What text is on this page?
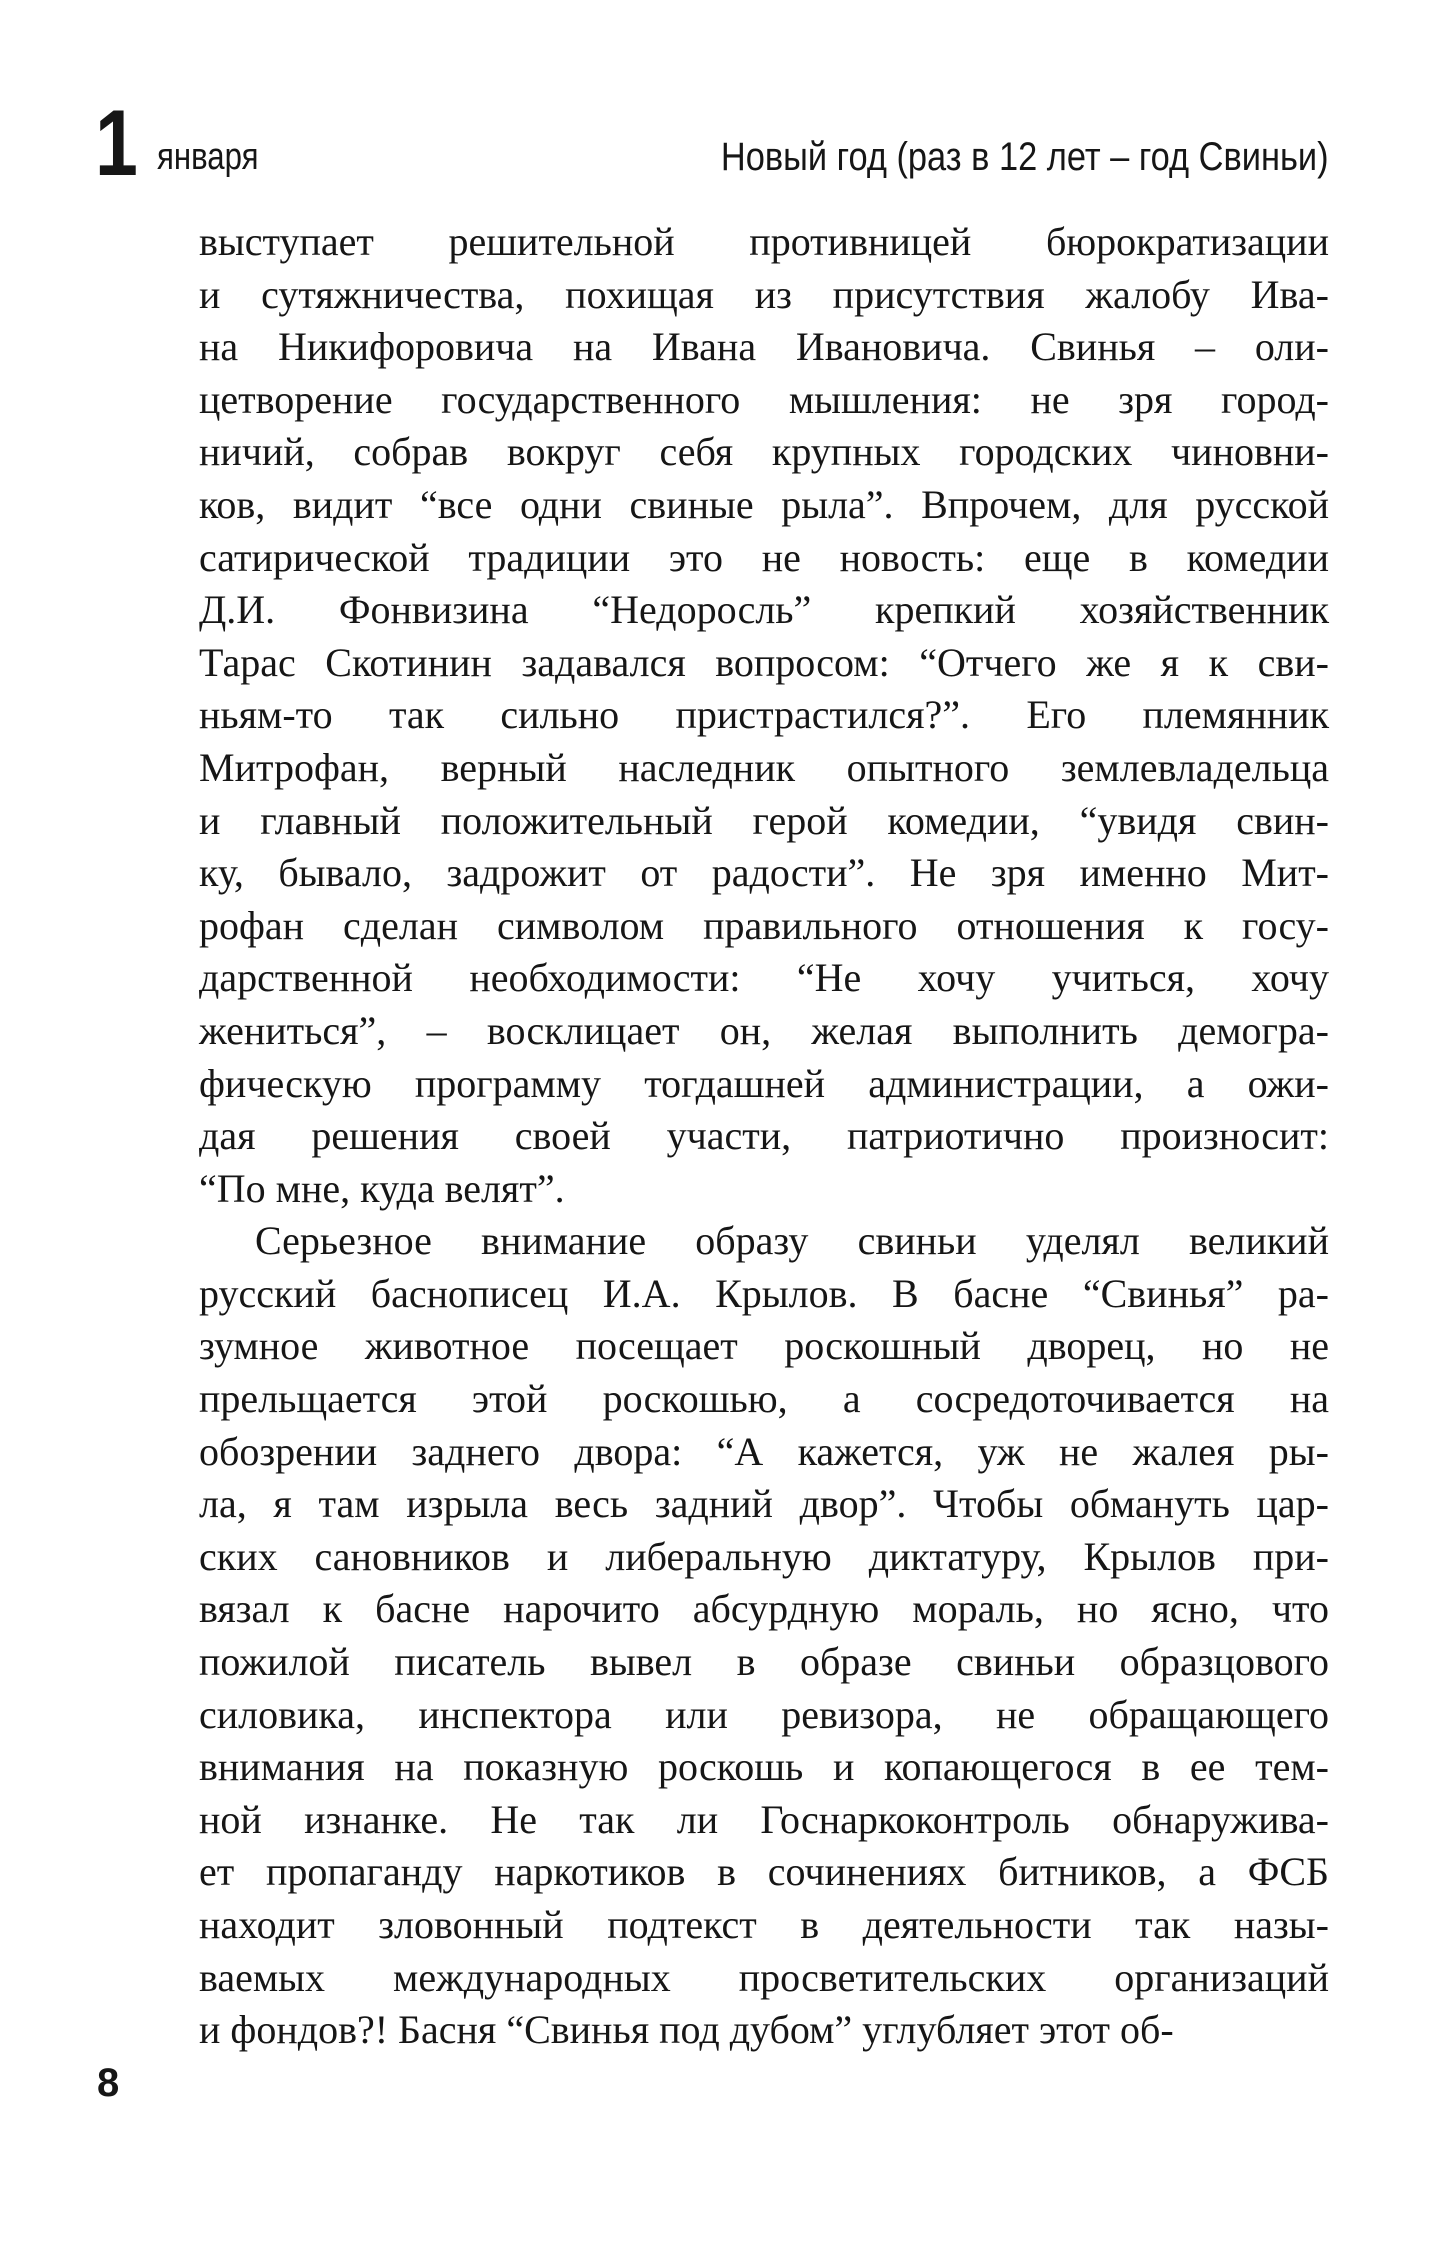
1 января	Новый год (раз в 12 лет – год Свиньи)
выступает решительной противницей бюрократизации
и сутяжничества, похищая из присутствия жалобу Ива-
на Никифоровича на Ивана Ивановича. Свинья – оли-
цетворение государственного мышления: не зря город-
ничий, собрав вокруг себя крупных городских чиновни-
ков, видит “все одни свиные рыла”. Впрочем, для русской
сатирической традиции это не новость: еще в комедии
Д.И. Фонвизина “Недоросль” крепкий хозяйственник
Тарас Скотинин задавался вопросом: “Отчего же я к сви-
ньям-то так сильно пристрастился?”. Его племянник
Митрофан, верный наследник опытного землевладельца
и главный положительный герой комедии, “увидя свин-
ку, бывало, задрожит от радости”. Не зря именно Мит-
рофан сделан символом правильного отношения к госу-
дарственной необходимости: “Не хочу учиться, хочу
жениться”, – восклицает он, желая выполнить демогра-
фическую программу тогдашней администрации, а ожи-
дая решения своей участи, патриотично произносит:
“По мне, куда велят”.
Серьезное внимание образу свиньи уделял великий
русский баснописец И.А. Крылов. В басне “Свинья” ра-
зумное животное посещает роскошный дворец, но не
прельщается этой роскошью, а сосредоточивается на
обозрении заднего двора: “А кажется, уж не жалея ры-
ла, я там изрыла весь задний двор”. Чтобы обмануть цар-
ских сановников и либеральную диктатуру, Крылов при-
вязал к басне нарочито абсурдную мораль, но ясно, что
пожилой писатель вывел в образе свиньи образцового
силовика, инспектора или ревизора, не обращающего
внимания на показную роскошь и копающегося в ее тем-
ной изнанке. Не так ли Госнаркоконтроль обнаружива-
ет пропаганду наркотиков в сочинениях битников, а ФСБ
находит зловонный подтекст в деятельности так назы-
ваемых международных просветительских организаций
и фондов?! Басня “Свинья под дубом” углубляет этот об-
8
